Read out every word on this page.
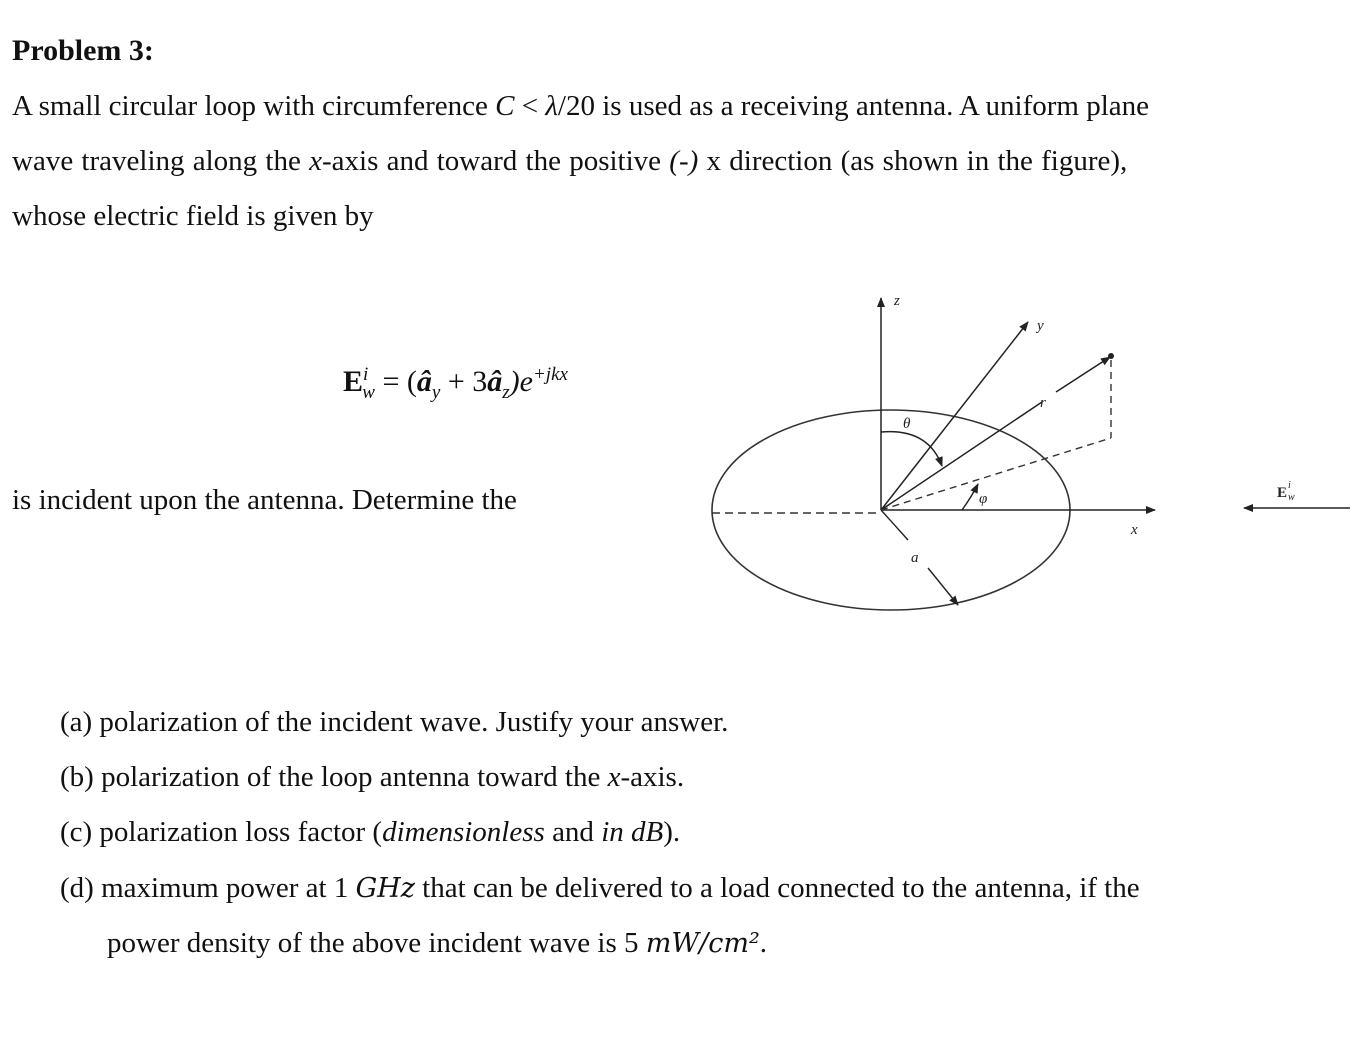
Problem 3:
A small circular loop with circumference C < λ/20 is used as a receiving antenna. A uniform plane
wave traveling along the x-axis and toward the positive (-) x direction (as shown in the figure),
whose electric field is given by
$E^i_w$ = ($â_y$ + $3â_z)e^{+jkx}$
is incident upon the antenna. Determine the
(a) polarization of the incident wave. Justify your answer.
(b) polarization of the loop antenna toward the x-axis.
(c) polarization loss factor (dimensionless and in dB).
(d) maximum power at 1 GHz that can be delivered to a load connected to the antenna, if the
power density of the above incident wave is 5 mW/cm².
z
y
x
r
θ
φ
a
E i
w
